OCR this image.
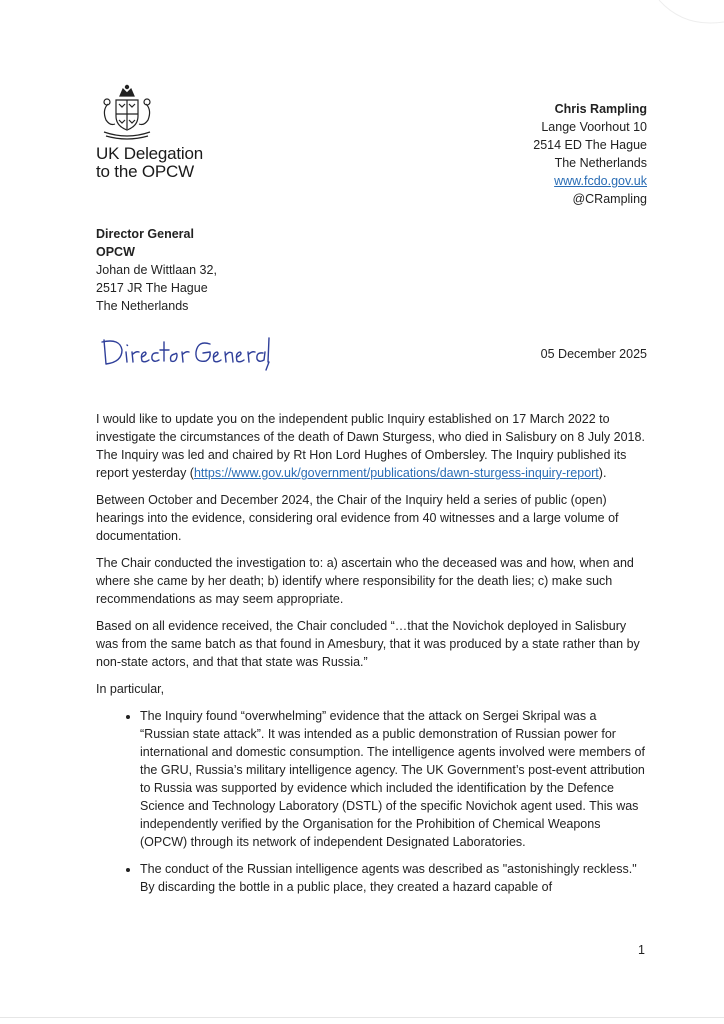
UK Delegation
to the OPCW
Chris Rampling
Lange Voorhout 10
2514 ED The Hague
The Netherlands
www.fcdo.gov.uk
@CRampling
Director General
OPCW
Johan de Wittlaan 32,
2517 JR The Hague
The Netherlands
05 December 2025

I would like to update you on the independent public Inquiry established on 17 March 2022 to investigate the circumstances of the death of Dawn Sturgess, who died in Salisbury on 8 July 2018. The Inquiry was led and chaired by Rt Hon Lord Hughes of Ombersley. The Inquiry published its report yesterday (https://www.gov.uk/government/publications/dawn-sturgess-inquiry-report).

Between October and December 2024, the Chair of the Inquiry held a series of public (open) hearings into the evidence, considering oral evidence from 40 witnesses and a large volume of documentation.

The Chair conducted the investigation to: a) ascertain who the deceased was and how, when and where she came by her death; b) identify where responsibility for the death lies; c) make such recommendations as may seem appropriate.

Based on all evidence received, the Chair concluded “…that the Novichok deployed in Salisbury was from the same batch as that found in Amesbury, that it was produced by a state rather than by non-state actors, and that that state was Russia.”

In particular,

• The Inquiry found “overwhelming” evidence that the attack on Sergei Skripal was a “Russian state attack”. It was intended as a public demonstration of Russian power for international and domestic consumption. The intelligence agents involved were members of the GRU, Russia’s military intelligence agency. The UK Government’s post-event attribution to Russia was supported by evidence which included the identification by the Defence Science and Technology Laboratory (DSTL) of the specific Novichok agent used. This was independently verified by the Organisation for the Prohibition of Chemical Weapons (OPCW) through its network of independent Designated Laboratories.
• The conduct of the Russian intelligence agents was described as "astonishingly reckless." By discarding the bottle in a public place, they created a hazard capable of
1
